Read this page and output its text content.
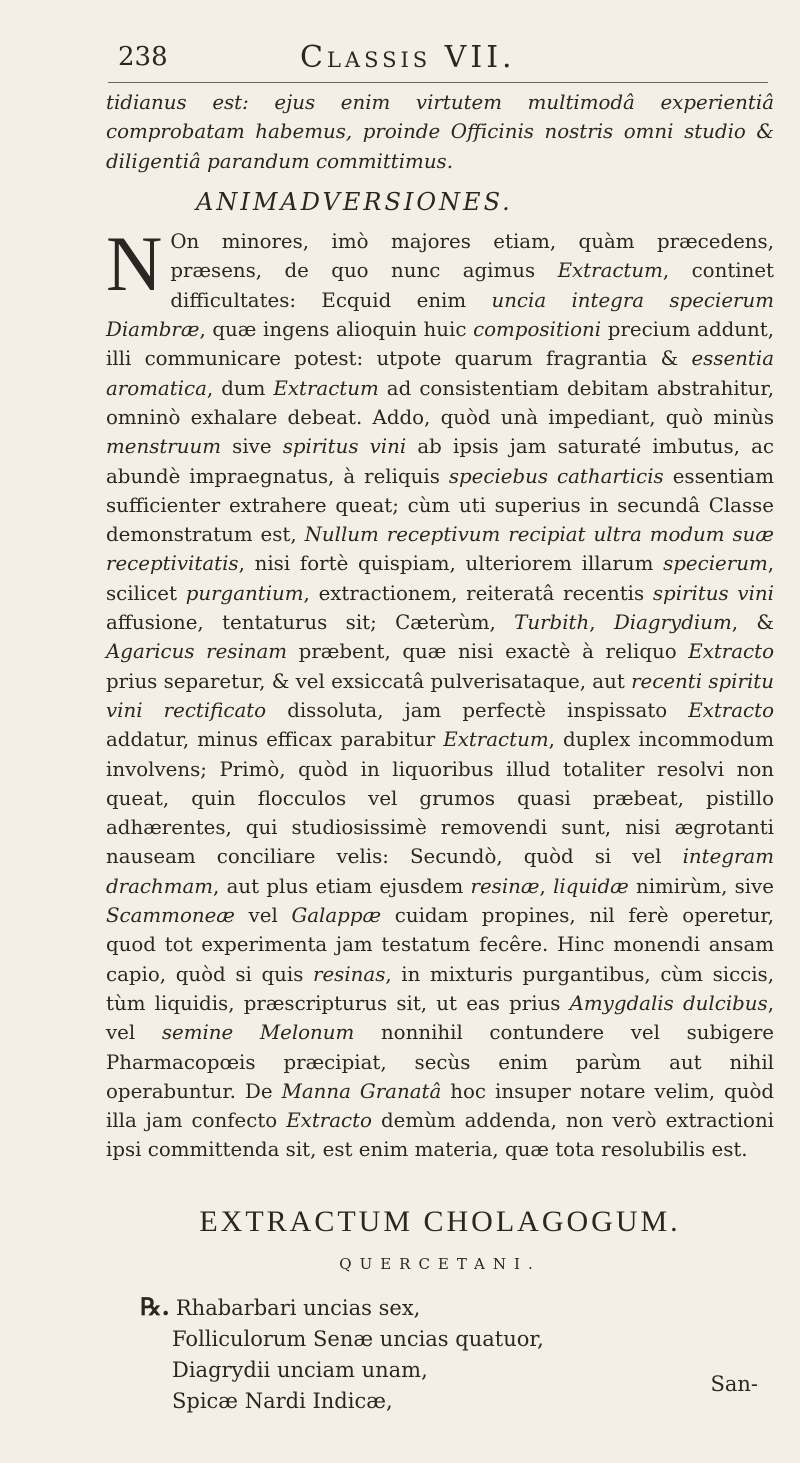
238	Classis VII.

tidianus est: ejus enim virtutem multimodâ experientiâ comprobatam habemus, proinde Officinis nostris omni studio & diligentiâ parandum committimus.

ANIMADVERSIONES.

N On minores, imò majores etiam, quàm præcedens, præsens, de quo nunc agimus Extractum, continet difficultates: Ecquid enim uncia integra specierum Diambræ, quæ ingens alioquin huic compositioni precium addunt, illi communicare potest: utpote quarum fragrantia & essentia aromatica, dum Extractum ad consistentiam debitam abstrahitur, omninò exhalare debeat. Addo, quòd unà impediant, quò minùs menstruum sive spiritus vini ab ipsis jam saturaté imbutus, ac abundè impraegnatus, à reliquis speciebus catharticis essentiam sufficienter extrahere queat; cùm uti superius in secundâ Classe demonstratum est, Nullum receptivum recipiat ultra modum suæ receptivitatis, nisi fortè quispiam, ulteriorem illarum specierum, scilicet purgantium, extractionem, reiteratâ recentis spiritus vini affusione, tentaturus sit; Cæterùm, Turbith, Diagrydium, & Agaricus resinam præbent, quæ nisi exactè à reliquo Extracto prius separetur, & vel exsiccatâ pulverisataque, aut recenti spiritu vini rectificato dissoluta, jam perfectè inspissato Extracto addatur, minus efficax parabitur Extractum, duplex incommodum involvens; Primò, quòd in liquoribus illud totaliter resolvi non queat, quin flocculos vel grumos quasi præbeat, pistillo adhærentes, qui studiosissimè removendi sunt, nisi ægrotanti nauseam conciliare velis: Secundò, quòd si vel integram drachmam, aut plus etiam ejusdem resinæ, liquidæ nimirùm, sive Scammoneæ vel Galappæ cuidam propines, nil ferè operetur, quod tot experimenta jam testatum fecêre. Hinc monendi ansam capio, quòd si quis resinas, in mixturis purgantibus, cùm siccis, tùm liquidis, præscripturus sit, ut eas prius Amygdalis dulcibus, vel semine Melonum nonnihil contundere vel subigere Pharmacopœis præcipiat, secùs enim parùm aut nihil operabuntur. De Manna Granatâ hoc insuper notare velim, quòd illa jam confecto Extracto demùm addenda, non verò extractioni ipsi committenda sit, est enim materia, quæ tota resolubilis est.

EXTRACTUM CHOLAGOGUM.

QUERCETANI.

℞. Rhabarbari uncias sex,
Folliculorum Senæ uncias quatuor,
Diagrydii unciam unam,
Spicæ Nardi Indicæ,

San-
